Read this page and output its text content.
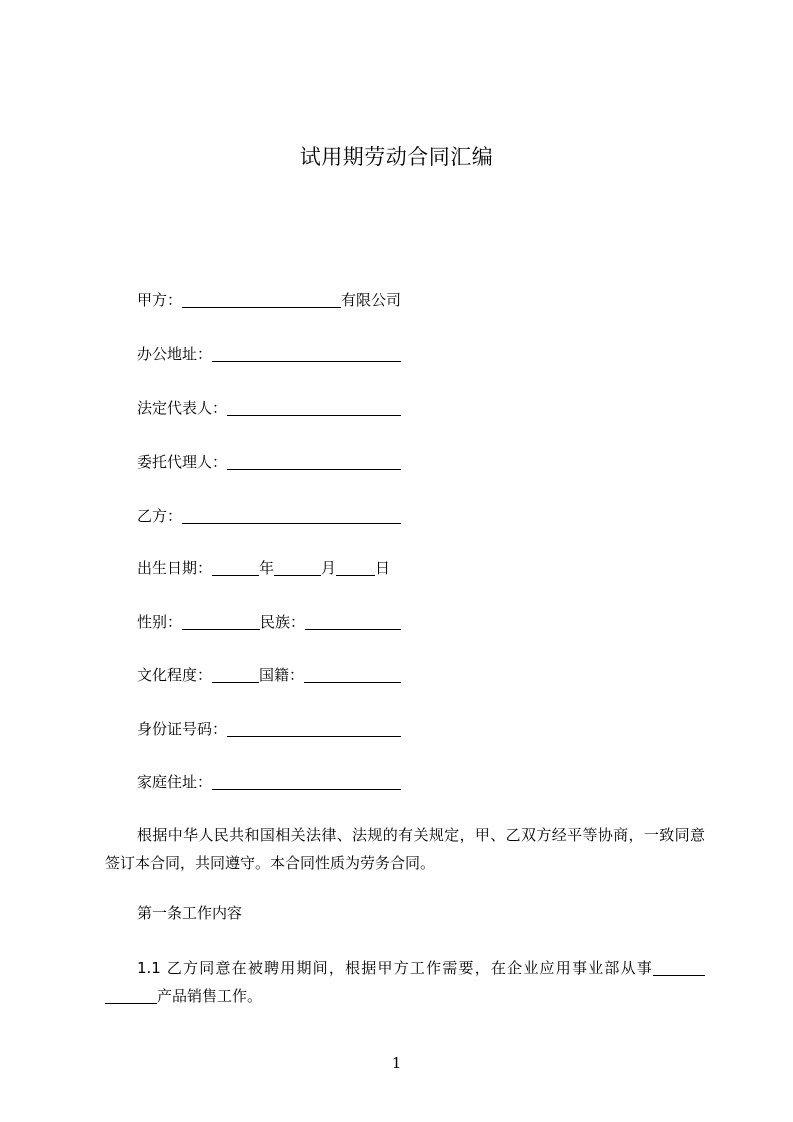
试用期劳动合同汇编
甲方：	有限公司
办公地址：
法定代表人：
委托代理人：
乙方：
出生日期：	年	月	日
性别：	民族：
文化程度：	国籍：
身份证号码：
家庭住址：
根据中华人民共和国相关法律、法规的有关规定，甲、乙双方经平等协商，一致同意签订本合同，共同遵守。本合同性质为劳务合同。
第一条工作内容
1.1 乙方同意在被聘用期间，根据甲方工作需要，在企业应用事业部从事产品销售工作。
1
